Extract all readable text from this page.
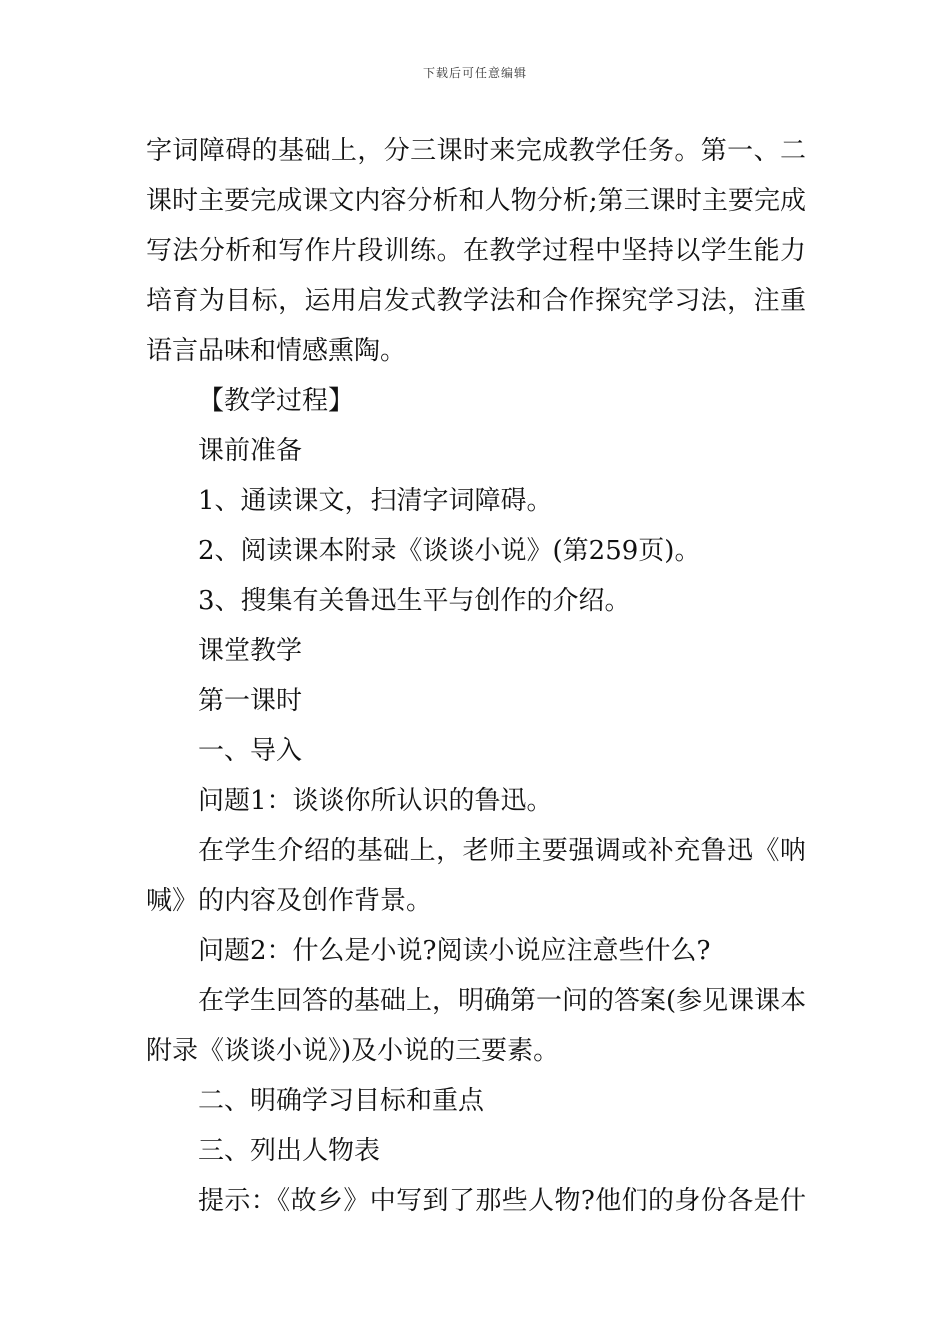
下载后可任意编辑
字词障碍的基础上，分三课时来完成教学任务。第一、二
课时主要完成课文内容分析和人物分析;第三课时主要完成
写法分析和写作片段训练。在教学过程中坚持以学生能力
培育为目标，运用启发式教学法和合作探究学习法，注重
语言品味和情感熏陶。
【教学过程】
课前准备
1、通读课文，扫清字词障碍。
2、阅读课本附录《谈谈小说》(第259页)。
3、搜集有关鲁迅生平与创作的介绍。
课堂教学
第一课时
一、导入
问题1：谈谈你所认识的鲁迅。
在学生介绍的基础上，老师主要强调或补充鲁迅《呐
喊》的内容及创作背景。
问题2：什么是小说?阅读小说应注意些什么?
在学生回答的基础上，明确第一问的答案(参见课课本
附录《谈谈小说》)及小说的三要素。
二、明确学习目标和重点
三、列出人物表
提示：《故乡》中写到了那些人物?他们的身份各是什
